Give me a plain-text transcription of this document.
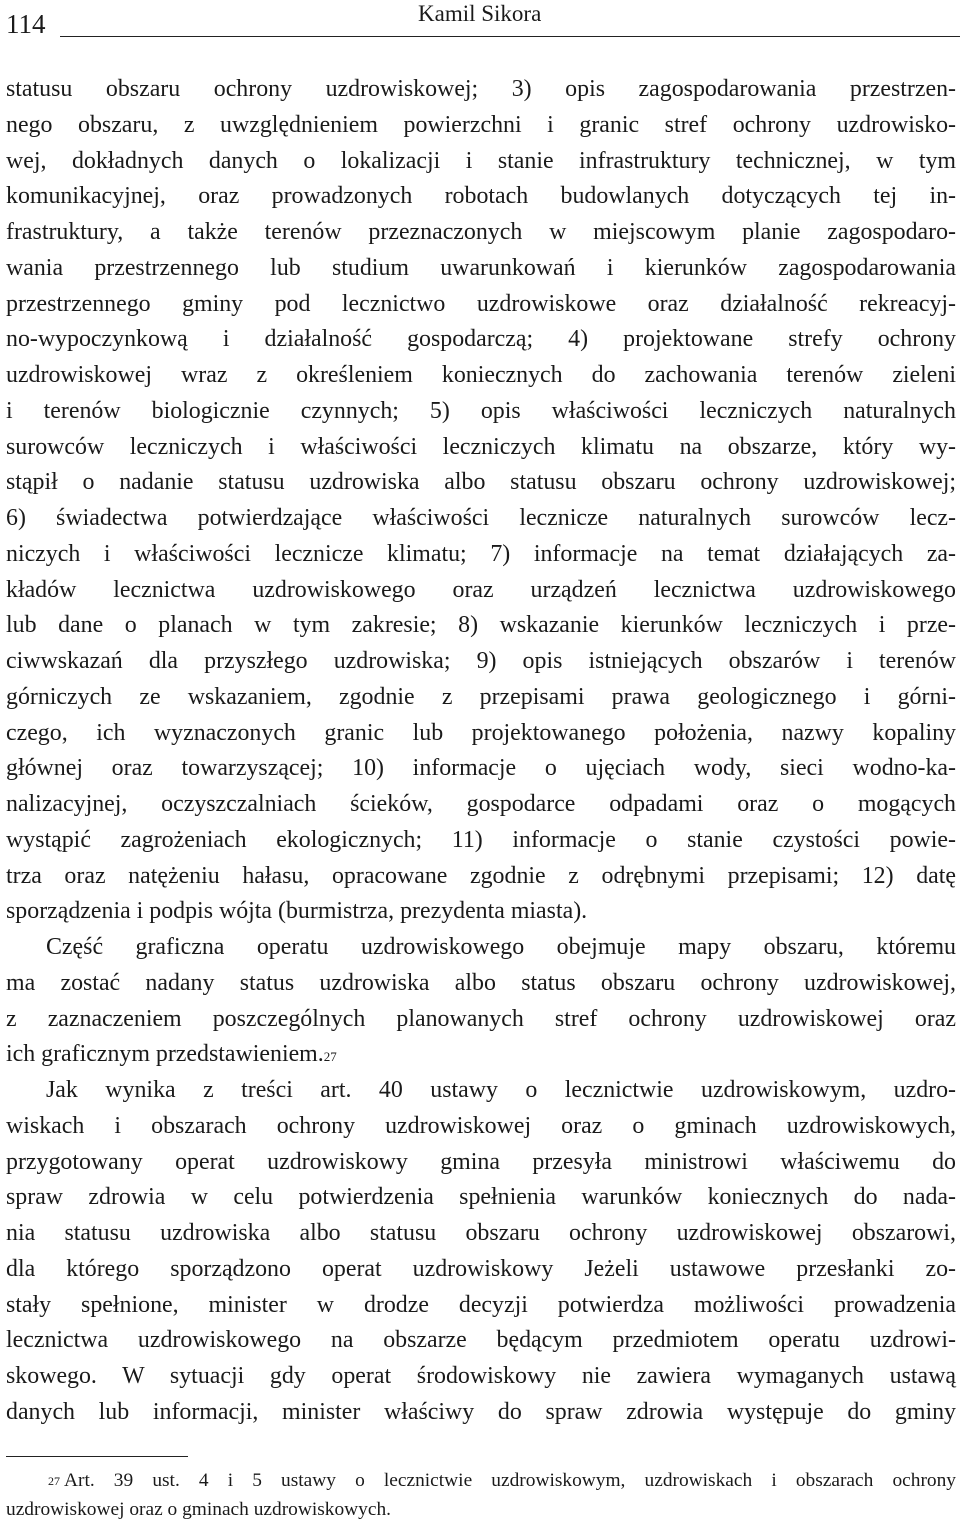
114	Kamil Sikora
statusu obszaru ochrony uzdrowiskowej; 3) opis zagospodarowania przestrzen-
nego obszaru, z uwzględnieniem powierzchni i granic stref ochrony uzdrowisko-
wej, dokładnych danych o lokalizacji i stanie infrastruktury technicznej, w tym
komunikacyjnej, oraz prowadzonych robotach budowlanych dotyczących tej in-
frastruktury, a także terenów przeznaczonych w miejscowym planie zagospodaro-
wania przestrzennego lub studium uwarunkowań i kierunków zagospodarowania
przestrzennego gminy pod lecznictwo uzdrowiskowe oraz działalność rekreacyj-
no-wypoczynkową i działalność gospodarczą; 4) projektowane strefy ochrony
uzdrowiskowej wraz z określeniem koniecznych do zachowania terenów zieleni
i terenów biologicznie czynnych; 5) opis właściwości leczniczych naturalnych
surowców leczniczych i właściwości leczniczych klimatu na obszarze, który wy-
stąpił o nadanie statusu uzdrowiska albo statusu obszaru ochrony uzdrowiskowej;
6) świadectwa potwierdzające właściwości lecznicze naturalnych surowców lecz-
niczych i właściwości lecznicze klimatu; 7) informacje na temat działających za-
kładów lecznictwa uzdrowiskowego oraz urządzeń lecznictwa uzdrowiskowego
lub dane o planach w tym zakresie; 8) wskazanie kierunków leczniczych i prze-
ciwwskazań dla przyszłego uzdrowiska; 9) opis istniejących obszarów i terenów
górniczych ze wskazaniem, zgodnie z przepisami prawa geologicznego i górni-
czego, ich wyznaczonych granic lub projektowanego położenia, nazwy kopaliny
głównej oraz towarzyszącej; 10) informacje o ujęciach wody, sieci wodno-ka-
nalizacyjnej, oczyszczalniach ścieków, gospodarce odpadami oraz o mogących
wystąpić zagrożeniach ekologicznych; 11) informacje o stanie czystości powie-
trza oraz natężeniu hałasu, opracowane zgodnie z odrębnymi przepisami; 12) datę
sporządzenia i podpis wójta (burmistrza, prezydenta miasta).
Część graficzna operatu uzdrowiskowego obejmuje mapy obszaru, któremu
ma zostać nadany status uzdrowiska albo status obszaru ochrony uzdrowiskowej,
z zaznaczeniem poszczególnych planowanych stref ochrony uzdrowiskowej oraz
ich graficznym przedstawieniem.$^{27}$
Jak wynika z treści art. 40 ustawy o lecznictwie uzdrowiskowym, uzdro-
wiskach i obszarach ochrony uzdrowiskowej oraz o gminach uzdrowiskowych,
przygotowany operat uzdrowiskowy gmina przesyła ministrowi właściwemu do
spraw zdrowia w celu potwierdzenia spełnienia warunków koniecznych do nada-
nia statusu uzdrowiska albo statusu obszaru ochrony uzdrowiskowej obszarowi,
dla którego sporządzono operat uzdrowiskowy Jeżeli ustawowe przesłanki zo-
stały spełnione, minister w drodze decyzji potwierdza możliwości prowadzenia
lecznictwa uzdrowiskowego na obszarze będącym przedmiotem operatu uzdrowi-
skowego. W sytuacji gdy operat środowiskowy nie zawiera wymaganych ustawą
danych lub informacji, minister właściwy do spraw zdrowia występuje do gminy
$^{27}$ Art. 39 ust. 4 i 5 ustawy o lecznictwie uzdrowiskowym, uzdrowiskach i obszarach ochrony
uzdrowiskowej oraz o gminach uzdrowiskowych.
